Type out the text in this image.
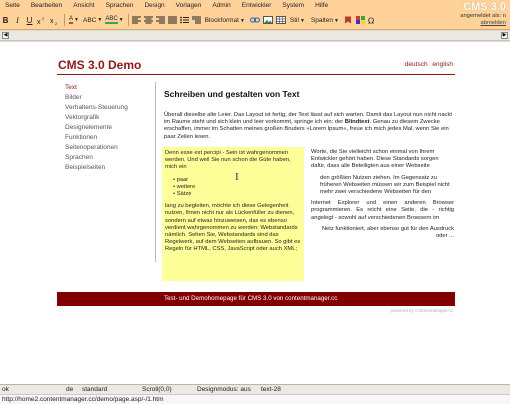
Seite	Bearbeiten	Ansicht	Sprachen	Design	Vorlagen	Admin	Entwickler	System	Hilfe
B I U x
2 x 2
A ▼ ABC ▼ ABC ▼	Blockformat▼	Stil▼ Spalten▼	Ω
CMS 3.0
angemeldet als: n
abmelden
◀	▶
CMS 3.0 Demo	deutsch english
Text
Bilder
Verhaltens-Steuerung
Vektorgrafik
Designelemente
Funktionen
Seitenoperationen
Sprachen
Beispielseiten
Schreiben und gestalten von Text
Überall dieselbe alte Leier. Das Layout ist fertig, der Text lässt auf sich warten. Damit das Layout nun nicht nackt im Raume steht und sich klein und leer vorkommt, springe ich ein: der Blindtext. Genau zu diesem Zwecke erschaffen, immer im Schatten meines großen Bruders »Lorem Ipsum«, freue ich mich jedes Mal, wenn Sie ein paar Zeilen lesen.
Denn esse est percipi - Sein ist wahrgenommen werden. Und weil Sie nun schon die Güte haben, mich ein
• paar
• weitere
• Sätze
lang zu begleiten, möchte ich diese Gelegenheit nutzen, Ihnen nicht nur als Lückenfüller zu dienen, sondern auf etwas hinzuweisen, das es ebenso verdient wahrgenommen zu werden: Webstandards nämlich. Sehen Sie, Webstandards sind das Regelwerk, auf dem Webseiten aufbauen. So gibt es Regeln für HTML, CSS, JavaScript oder auch XML;
Worte, die Sie vielleicht schon einmal von Ihrem Entwickler gehört haben. Diese Standards sorgen dafür, dass alle Beteiligten aus einer Webseite
den größten Nutzen ziehen. Im Gegensatz zu früheren Webseiten müssen wir zum Beispiel nicht mehr zwei verschiedene Webseiten für den
Internet Explorer und einen anderen Browser programmieren. Es reicht eine Seite, die - richtig angelegt - sowohl auf verschiedenen Browsern im
Netz funktioniert, aber ebenso gut für den Ausdruck oder ...
I
Test- und Demohomepage für CMS 3.0 von contentmanager.cc
powered by contentmanager.cc
ok	de standard	Scroll(0,0)	Designmodus: aus text-28
http://home2.contentmanager.cc/demo/page.asp/-/1.htm
